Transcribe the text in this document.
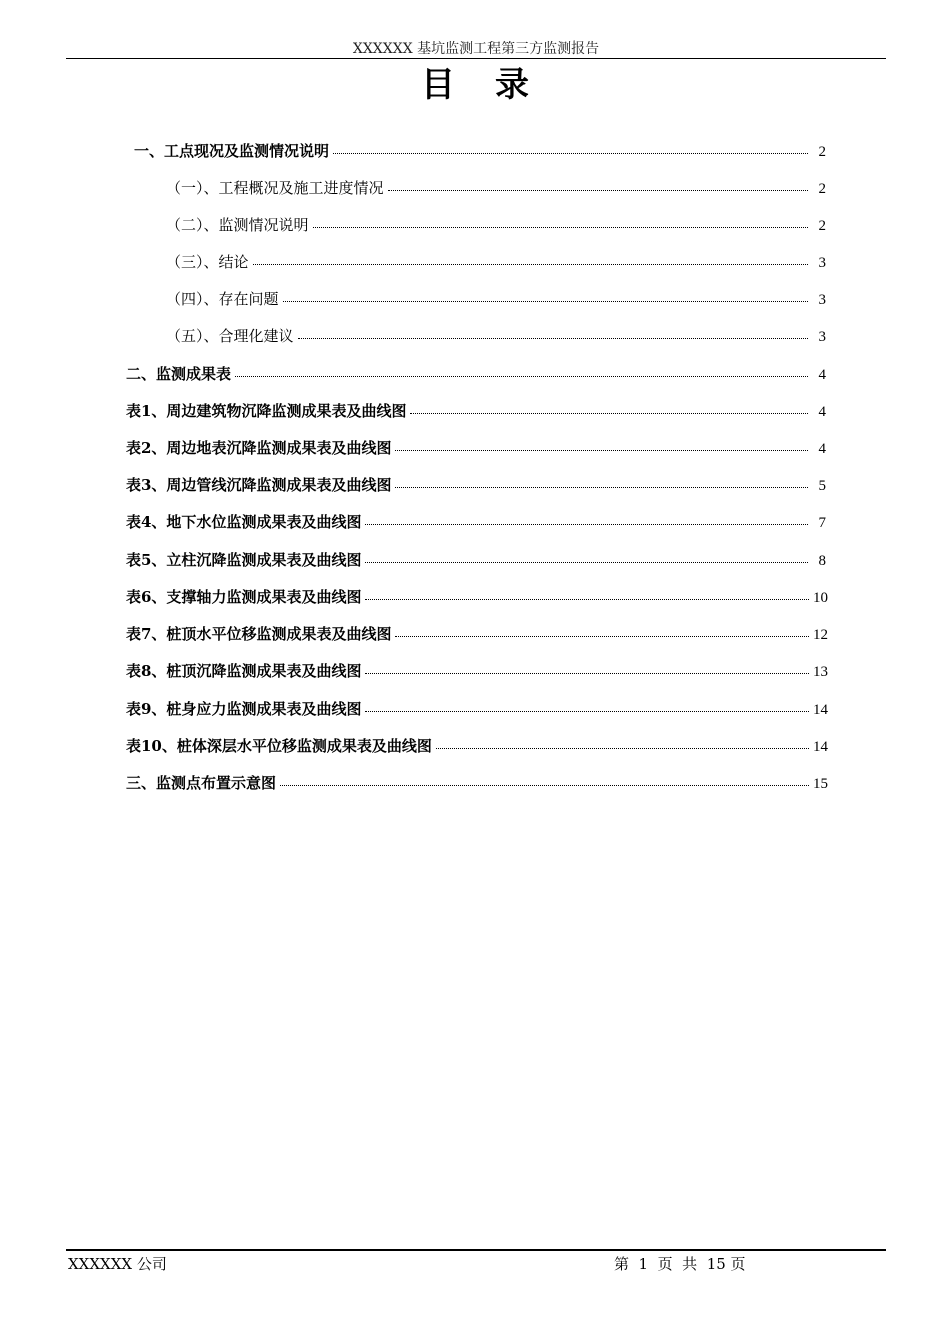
XXXXXX 基坑监测工程第三方监测报告
目录
一、工点现况及监测情况说明	2
（一）、工程概况及施工进度情况	2
（二）、监测情况说明	2
（三）、结论	3
（四）、存在问题	3
（五）、合理化建议	3
二、监测成果表	4
表1、周边建筑物沉降监测成果表及曲线图	4
表2、周边地表沉降监测成果表及曲线图	4
表3、周边管线沉降监测成果表及曲线图	5
表4、地下水位监测成果表及曲线图	7
表5、立柱沉降监测成果表及曲线图	8
表6、支撑轴力监测成果表及曲线图	10
表7、桩顶水平位移监测成果表及曲线图	12
表8、桩顶沉降监测成果表及曲线图	13
表9、桩身应力监测成果表及曲线图	14
表10、桩体深层水平位移监测成果表及曲线图	14
三、监测点布置示意图	15
XXXXXX 公司	第  1  页  共  15 页
